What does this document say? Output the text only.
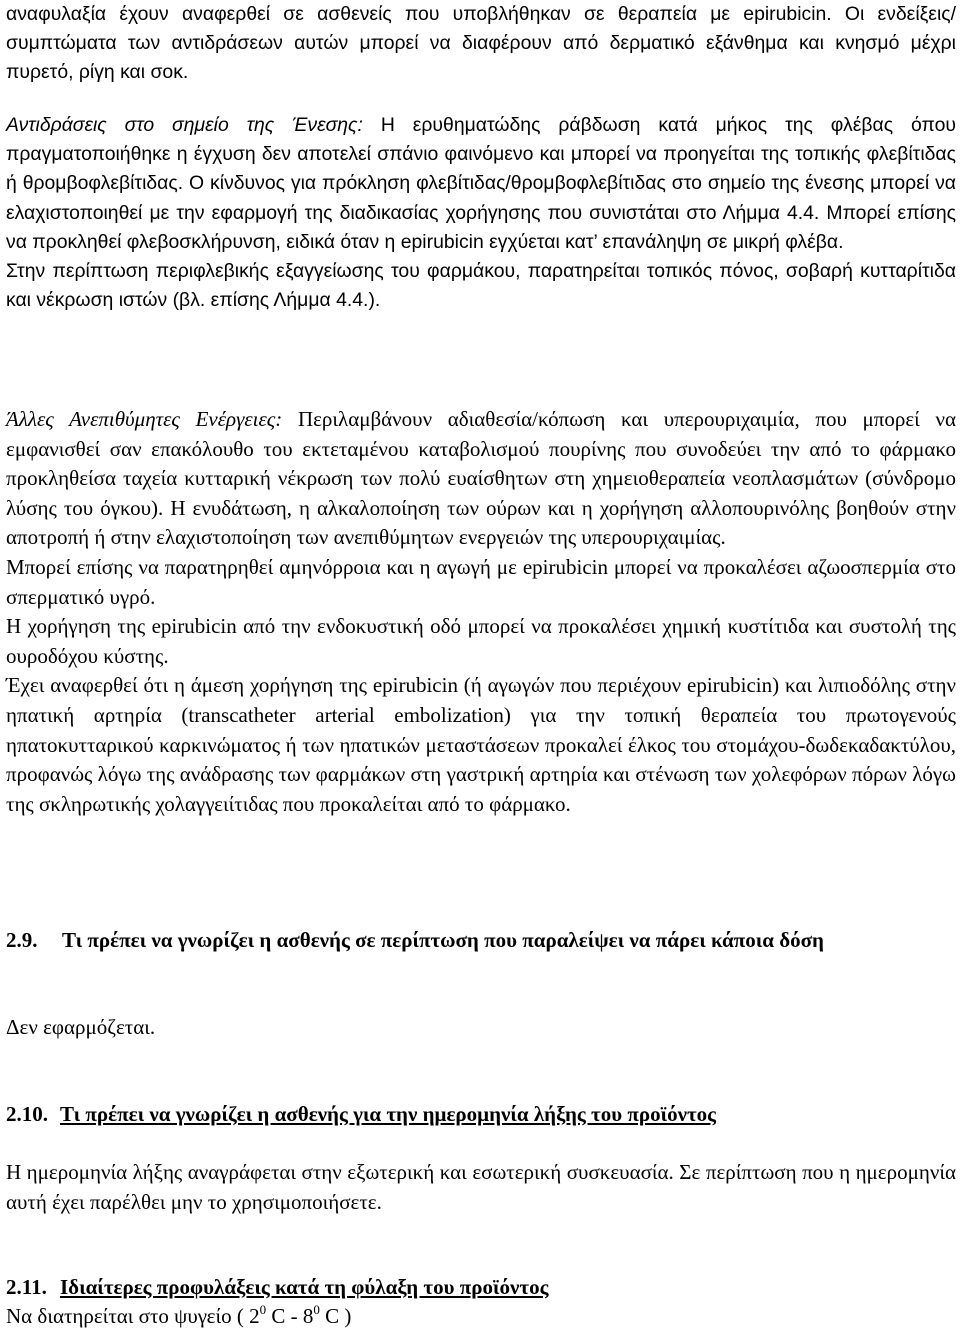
αναφυλαξία έχουν αναφερθεί σε ασθενείς που υποβλήθηκαν σε θεραπεία με epirubicin. Οι ενδείξεις/συμπτώματα των αντιδράσεων αυτών μπορεί να διαφέρουν από δερματικό εξάνθημα και κνησμό μέχρι πυρετό, ρίγη και σοκ.

Αντιδράσεις στο σημείο της Ένεσης: Η ερυθηματώδης ράβδωση κατά μήκος της φλέβας όπου πραγματοποιήθηκε η έγχυση δεν αποτελεί σπάνιο φαινόμενο και μπορεί να προηγείται της τοπικής φλεβίτιδας ή θρομβοφλεβίτιδας. Ο κίνδυνος για πρόκληση φλεβίτιδας/θρομβοφλεβίτιδας στο σημείο της ένεσης μπορεί να ελαχιστοποιηθεί με την εφαρμογή της διαδικασίας χορήγησης που συνιστάται στο Λήμμα 4.4. Μπορεί επίσης να προκληθεί φλεβοσκλήρυνση, ειδικά όταν η epirubicin εγχύεται κατ’ επανάληψη σε μικρή φλέβα.

Στην περίπτωση περιφλεβικής εξαγγείωσης του φαρμάκου, παρατηρείται τοπικός πόνος, σοβαρή κυτταρίτιδα και νέκρωση ιστών (βλ. επίσης Λήμμα 4.4.).

Άλλες Ανεπιθύμητες Ενέργειες: Περιλαμβάνουν αδιαθεσία/κόπωση και υπερουριχαιμία, που μπορεί να εμφανισθεί σαν επακόλουθο του εκτεταμένου καταβολισμού πουρίνης που συνοδεύει την από το φάρμακο προκληθείσα ταχεία κυτταρική νέκρωση των πολύ ευαίσθητων στη χημειοθεραπεία νεοπλασμάτων (σύνδρομο λύσης του όγκου). Η ενυδάτωση, η αλκαλοποίηση των ούρων και η χορήγηση αλλοπουρινόλης βοηθούν στην αποτροπή ή στην ελαχιστοποίηση των ανεπιθύμητων ενεργειών της υπερουριχαιμίας.

Μπορεί επίσης να παρατηρηθεί αμηνόρροια και η αγωγή με epirubicin μπορεί να προκαλέσει αζωοσπερμία στο σπερματικό υγρό.

Η χορήγηση της epirubicin από την ενδοκυστική οδό μπορεί να προκαλέσει χημική κυστίτιδα και συστολή της ουροδόχου κύστης.

Έχει αναφερθεί ότι η άμεση χορήγηση της epirubicin (ή αγωγών που περιέχουν epirubicin) και λιπιοδόλης στην ηπατική αρτηρία (transcatheter arterial embolization) για την τοπική θεραπεία του πρωτογενούς ηπατοκυτταρικού καρκινώματος ή των ηπατικών μεταστάσεων προκαλεί έλκος του στομάχου-δωδεκαδακτύλου, προφανώς λόγω της ανάδρασης των φαρμάκων στη γαστρική αρτηρία και στένωση των χολεφόρων πόρων λόγω της σκληρωτικής χολαγγειίτιδας που προκαλείται από το φάρμακο.

2.9. Τι πρέπει να γνωρίζει η ασθενής σε περίπτωση που παραλείψει να πάρει κάποια δόση

Δεν εφαρμόζεται.

2.10. Τι πρέπει να γνωρίζει η ασθενής για την ημερομηνία λήξης του προϊόντος

Η ημερομηνία λήξης αναγράφεται στην εξωτερική και εσωτερική συσκευασία. Σε περίπτωση που η ημερομηνία αυτή έχει παρέλθει μην το χρησιμοποιήσετε.

2.11. Ιδιαίτερες προφυλάξεις κατά τη φύλαξη του προϊόντος

Να διατηρείται στο ψυγείο ( $2^0$ C - $8^0$ C )
